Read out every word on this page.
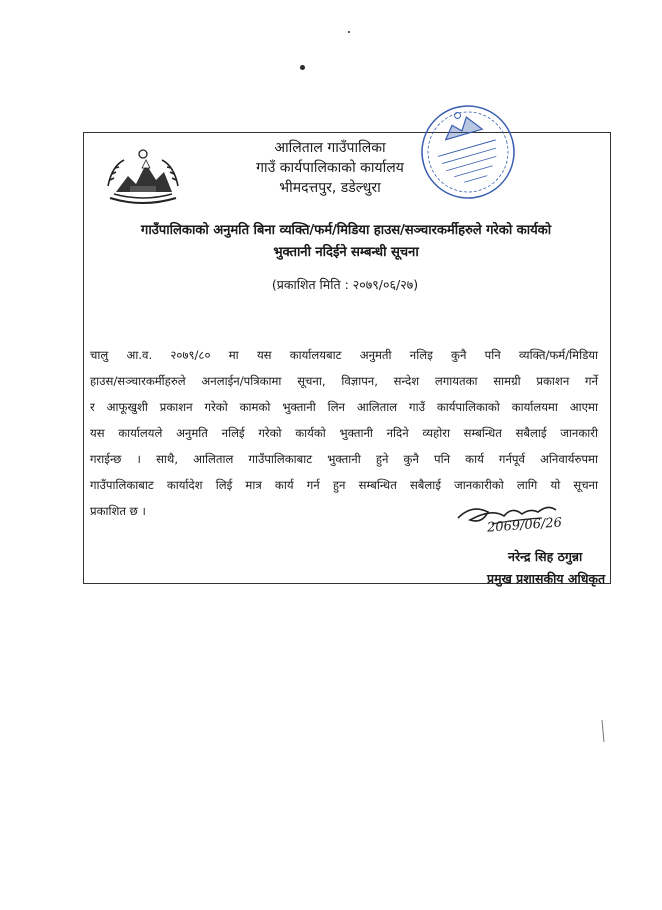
आलिताल गाउँपालिका
गाउँ कार्यपालिकाको कार्यालय
भीमदत्तपुर, डडेल्धुरा
गाउँपालिकाको अनुमति बिना व्यक्ति/फर्म/मिडिया हाउस/सञ्चारकर्मीहरुले गरेको कार्यको
भुक्तानी नदिईने सम्बन्धी सूचना
(प्रकाशित मिति : २०७९/०६/२७)
चालु आ.व. २०७९/८० मा यस कार्यालयबाट अनुमती नलिइ कुनै पनि व्यक्ति/फर्म/मिडिया
हाउस/सञ्चारकर्मीहरुले अनलाईन/पत्रिकामा सूचना, विज्ञापन, सन्देश लगायतका सामग्री प्रकाशन गर्ने
र आफूखुशी प्रकाशन गरेको कामको भुक्तानी लिन आलिताल गाउँ कार्यपालिकाको कार्यालयमा आएमा
यस कार्यालयले अनुमति नलिई गरेको कार्यको भुक्तानी नदिने व्यहोरा सम्बन्धित सबैलाई जानकारी
गराईन्छ । साथै, आलिताल गाउँपालिकाबाट भुक्तानी हुने कुनै पनि कार्य गर्नपूर्व अनिवार्यरुपमा
गाउँपालिकाबाट कार्यादेश लिई मात्र कार्य गर्न हुन सम्बन्धित सबैलाई जानकारीको लागि यो सूचना
प्रकाशित छ ।
2069/06/26
नरेन्द्र सिह ठगुन्ना
प्रमुख प्रशासकीय अधिकृत
